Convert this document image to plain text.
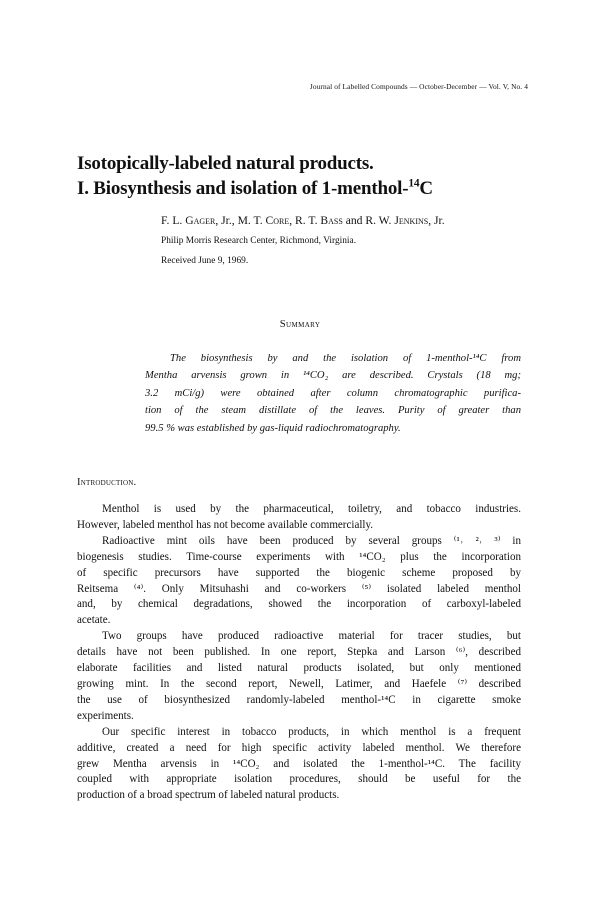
Journal of Labelled Compounds — October-December — Vol. V, No. 4
Isotopically-labeled natural products.
I. Biosynthesis and isolation of 1-menthol-$^{14}$C
F. L. Gager, Jr., M. T. Core, R. T. Bass and R. W. Jenkins, Jr.
Philip Morris Research Center, Richmond, Virginia.
Received June 9, 1969.
Summary
The biosynthesis by and the isolation of 1-menthol-¹⁴C from
Mentha arvensis grown in ¹⁴CO₂ are described. Crystals (18 mg;
3.2 mCi/g) were obtained after column chromatographic purifica-
tion of the steam distillate of the leaves. Purity of greater than
99.5 % was established by gas-liquid radiochromatography.
Introduction.
Menthol is used by the pharmaceutical, toiletry, and tobacco industries.
However, labeled menthol has not become available commercially.
Radioactive mint oils have been produced by several groups ⁽¹˒ ²˒ ³⁾ in
biogenesis studies. Time-course experiments with ¹⁴CO₂ plus the incorporation
of specific precursors have supported the biogenic scheme proposed by
Reitsema ⁽⁴⁾. Only Mitsuhashi and co-workers ⁽⁵⁾ isolated labeled menthol
and, by chemical degradations, showed the incorporation of carboxyl-labeled
acetate.
Two groups have produced radioactive material for tracer studies, but
details have not been published. In one report, Stepka and Larson ⁽⁶⁾, described
elaborate facilities and listed natural products isolated, but only mentioned
growing mint. In the second report, Newell, Latimer, and Haefele ⁽⁷⁾ described
the use of biosynthesized randomly-labeled menthol-¹⁴C in cigarette smoke
experiments.
Our specific interest in tobacco products, in which menthol is a frequent
additive, created a need for high specific activity labeled menthol. We therefore
grew Mentha arvensis in ¹⁴CO₂ and isolated the 1-menthol-¹⁴C. The facility
coupled with appropriate isolation procedures, should be useful for the
production of a broad spectrum of labeled natural products.
